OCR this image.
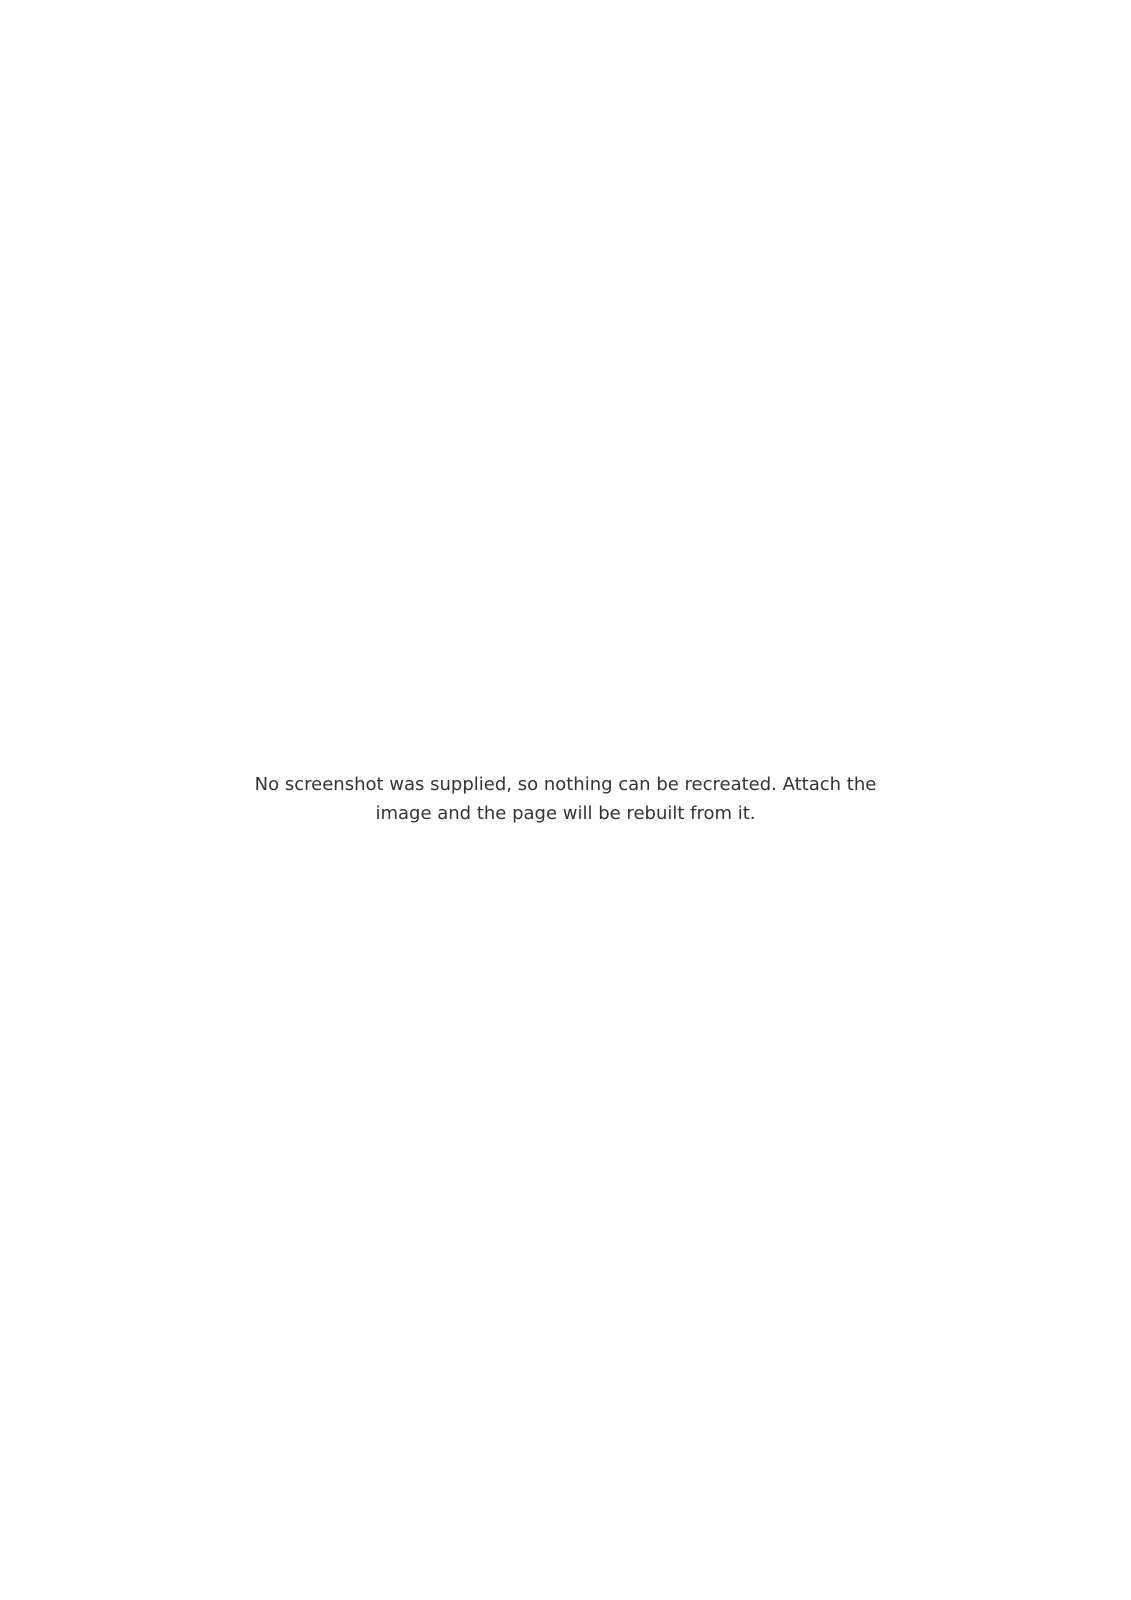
No screenshot was supplied, so nothing can be recreated. Attach the image and the page will be rebuilt from it.
